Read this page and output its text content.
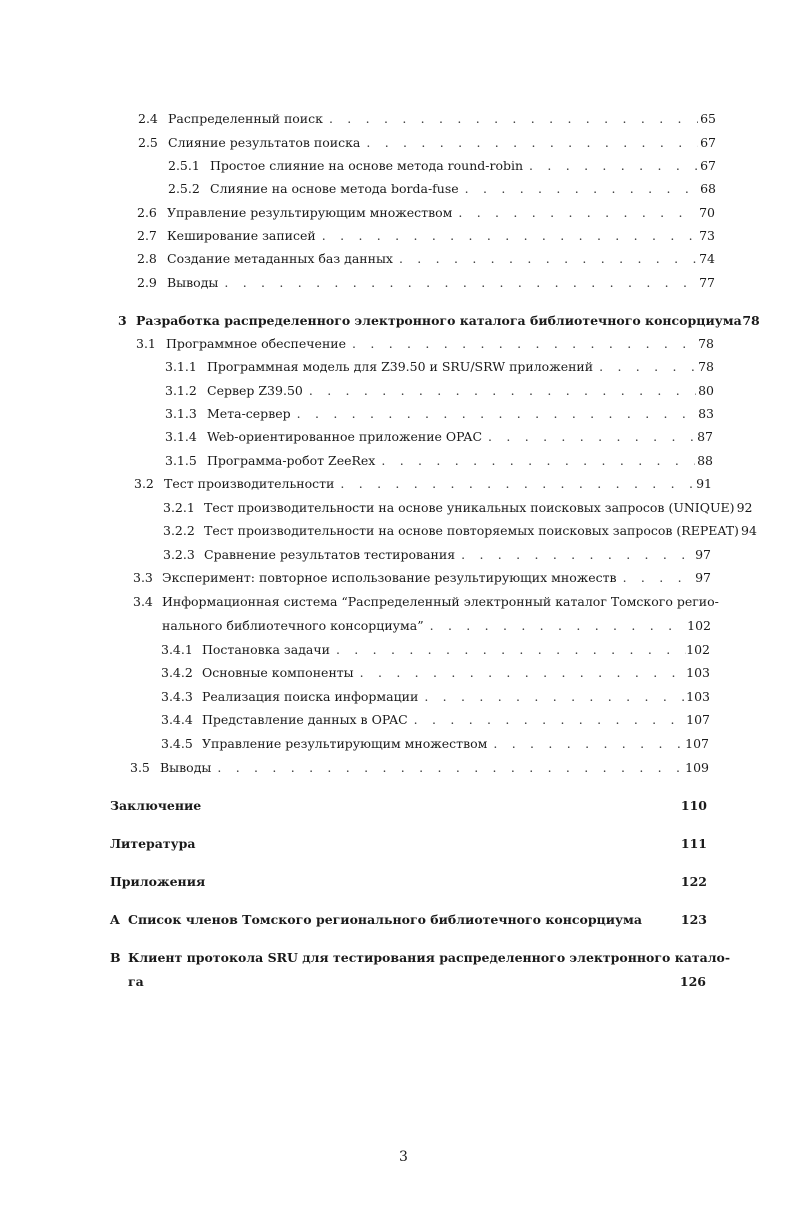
2.4 Распределенный поиск . . .	65
2.5 Слияние результатов поиска . . .	67
2.5.1 Простое слияние на основе метода round-robin . . .	67
2.5.2 Слияние на основе метода borda-fuse . . .	68
2.6 Управление результирующим множеством . . .	70
2.7 Кеширование записей . . .	73
2.8 Создание метаданных баз данных . . .	74
2.9 Выводы . . .	77
3 Разработка распределенного электронного каталога библиотечного консорциума 78
3.1 Программное обеспечение . . .	78
3.1.1 Программная модель для Z39.50 и SRU/SRW приложений . . .	78
3.1.2 Сервер Z39.50 . . .	80
3.1.3 Мета-сервер . . .	83
3.1.4 Web-ориентированное приложение OPAC . . .	87
3.1.5 Программа-робот ZeeRex . . .	88
3.2 Тест производительности . . .	91
3.2.1 Тест производительности на основе уникальных поисковых запросов (UNIQUE) 92
3.2.2 Тест производительности на основе повторяемых поисковых запросов (REPEAT) 94
3.2.3 Сравнение результатов тестирования . . .	97
3.3 Эксперимент: повторное использование результирующих множеств . . .	97
3.4 Информационная система “Распределенный электронный каталог Томского регио-
нального библиотечного консорциума” . . .	102
3.4.1 Постановка задачи . . .	102
3.4.2 Основные компоненты . . .	103
3.4.3 Реализация поиска информации . . .	103
3.4.4 Представление данных в OPAC . . .	107
3.4.5 Управление результирующим множеством . . .	107
3.5 Выводы . . .	109
Заключение	110
Литература	111
Приложения	122
A Список членов Томского регионального библиотечного консорциума	123
B Клиент протокола SRU для тестирования распределенного электронного катало-
га	126
3
